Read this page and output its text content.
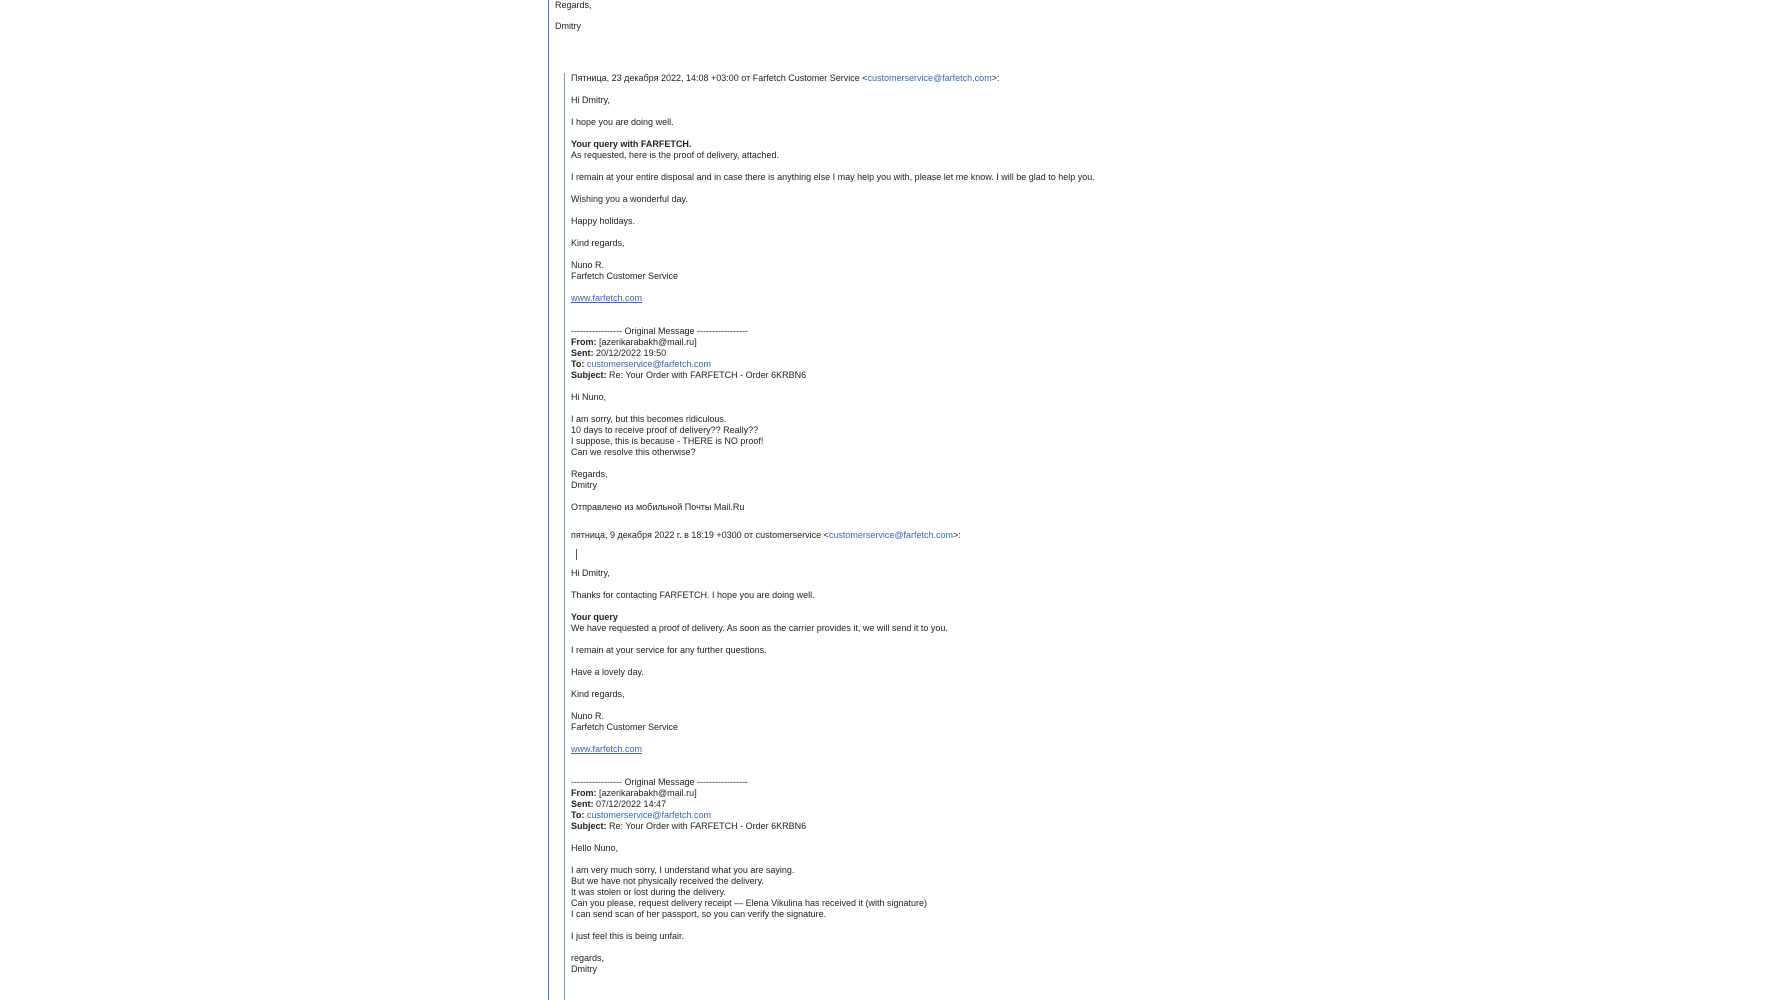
Regards,

Dmitry

Пятница, 23 декабря 2022, 14:08 +03:00 от Farfetch Customer Service <customerservice@farfetch.com>:

Hi Dmitry,

I hope you are doing well.

Your query with FARFETCH.

As requested, here is the proof of delivery, attached.

I remain at your entire disposal and in case there is anything else I may help you with, please let me know. I will be glad to help you.

Wishing you a wonderful day.

Happy holidays.

Kind regards,

Nuno R.

Farfetch Customer Service

www.farfetch.com

----------------- Original Message -----------------

From: [azerikarabakh@mail.ru]

Sent: 20/12/2022 19:50

To: customerservice@farfetch.com

Subject: Re: Your Order with FARFETCH - Order 6KRBN6

Hi Nuno,

I am sorry, but this becomes ridiculous.

10 days to receive proof of delivery?? Really??

I suppose, this is because - THERE is NO proof!

Can we resolve this otherwise?

Regards,

Dmitry

Отправлено из мобильной Почты Mail.Ru

пятница, 9 декабря 2022 г. в 18:19 +0300 от customerservice <customerservice@farfetch.com>:

Hi Dmitry,

Thanks for contacting FARFETCH. I hope you are doing well.

Your query

We have requested a proof of delivery. As soon as the carrier provides it, we will send it to you.

I remain at your service for any further questions.

Have a lovely day.

Kind regards,

Nuno R.

Farfetch Customer Service

www.farfetch.com

----------------- Original Message -----------------

From: [azerikarabakh@mail.ru]

Sent: 07/12/2022 14:47

To: customerservice@farfetch.com

Subject: Re: Your Order with FARFETCH - Order 6KRBN6

Hello Nuno,

I am very much sorry, I understand what you are saying.

But we have not physically received the delivery.

It was stolen or lost during the delivery.

Can you please, request delivery receipt — Elena Vikulina has received it (with signature)

I can send scan of her passport, so you can verify the signature.

I just feel this is being unfair.

regards,

Dmitry
